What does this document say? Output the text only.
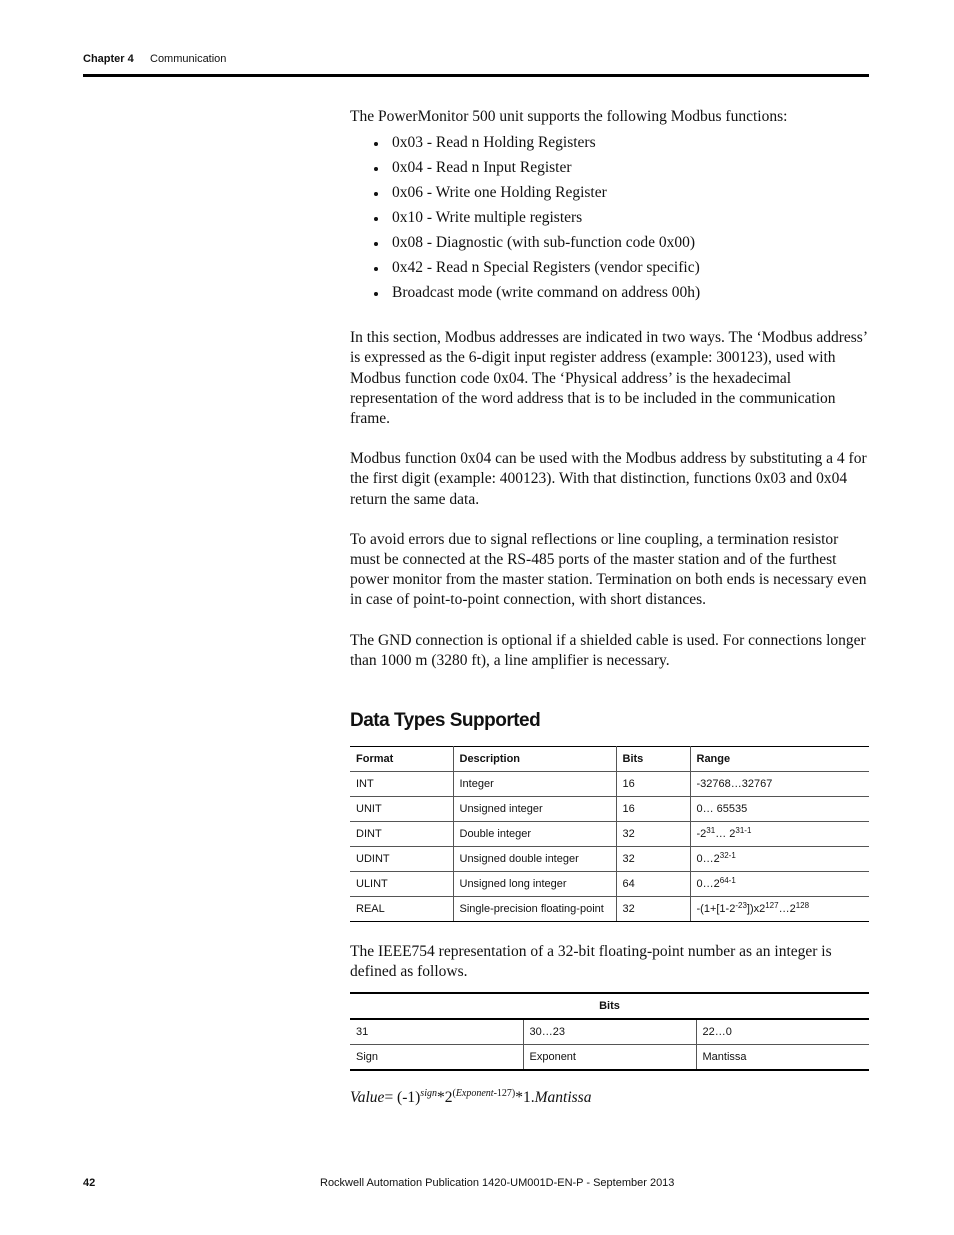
Chapter 4 Communication

The PowerMonitor 500 unit supports the following Modbus functions:

0x03 - Read n Holding Registers
0x04 - Read n Input Register
0x06 - Write one Holding Register
0x10 - Write multiple registers
0x08 - Diagnostic (with sub-function code 0x00)
0x42 - Read n Special Registers (vendor specific)
Broadcast mode (write command on address 00h)

In this section, Modbus addresses are indicated in two ways. The ‘Modbus address’ is expressed as the 6-digit input register address (example: 300123), used with Modbus function code 0x04. The ‘Physical address’ is the hexadecimal representation of the word address that is to be included in the communication frame.

Modbus function 0x04 can be used with the Modbus address by substituting a 4 for the first digit (example: 400123). With that distinction, functions 0x03 and 0x04 return the same data.

To avoid errors due to signal reflections or line coupling, a termination resistor must be connected at the RS-485 ports of the master station and of the furthest power monitor from the master station. Termination on both ends is necessary even in case of point-to-point connection, with short distances.

The GND connection is optional if a shielded cable is used. For connections longer than 1000 m (3280 ft), a line amplifier is necessary.

Data Types Supported
Format	Description	Bits	Range
INT	Integer	16	-32768…32767
UNIT	Unsigned integer	16	0… 65535
DINT	Double integer	32	$-2^{31}\dots$ 2$^{31-1}$
UDINT	Unsigned double integer	32	0…2$^{32-1}$
ULINT	Unsigned long integer	64	0…2$^{64-1}$
REAL	Single-precision floating-point	32	$-(1+[1-2^{-23}])x2^{127}\dots 2^{128}$

The IEEE754 representation of a 32-bit floating-point number as an integer is defined as follows.

Bits		
31	30…23	22…0
Sign	Exponent	Mantissa
Value= $(-1)^{sign}*2^{(Exponent-127)}*1.Mantissa$
42	Rockwell Automation Publication 1420-UM001D-EN-P - September 2013
